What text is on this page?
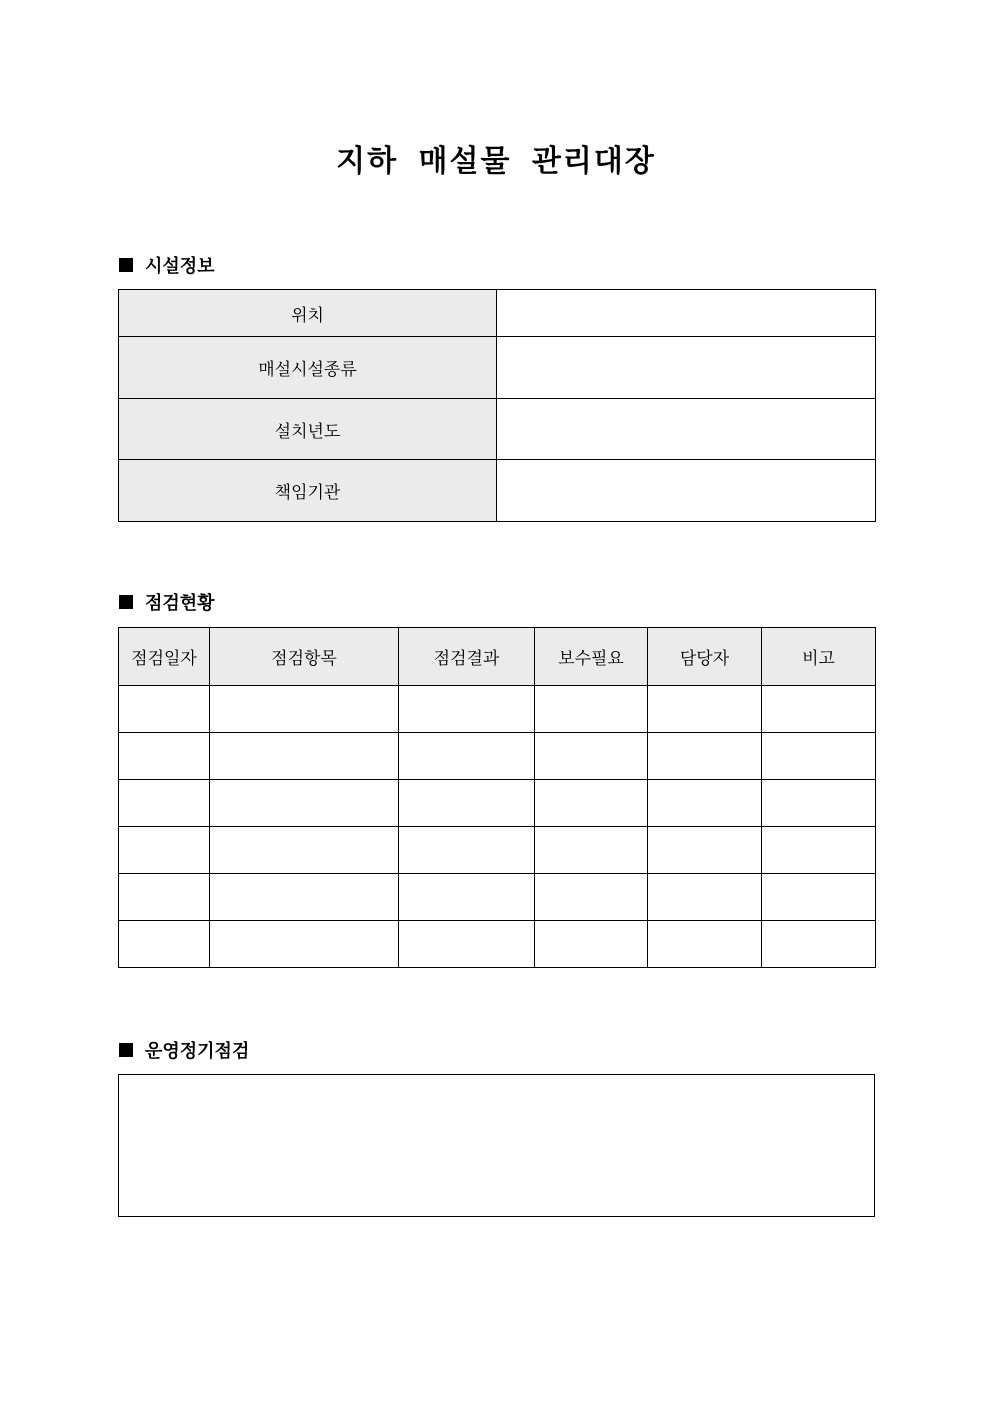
지하 매설물 관리대장
시설정보
위치	
매설시설종류	
설치년도	
책임기관	
점검현황
점검일자	점검항목	점검결과	보수필요	담당자	비고

운영정기점검
